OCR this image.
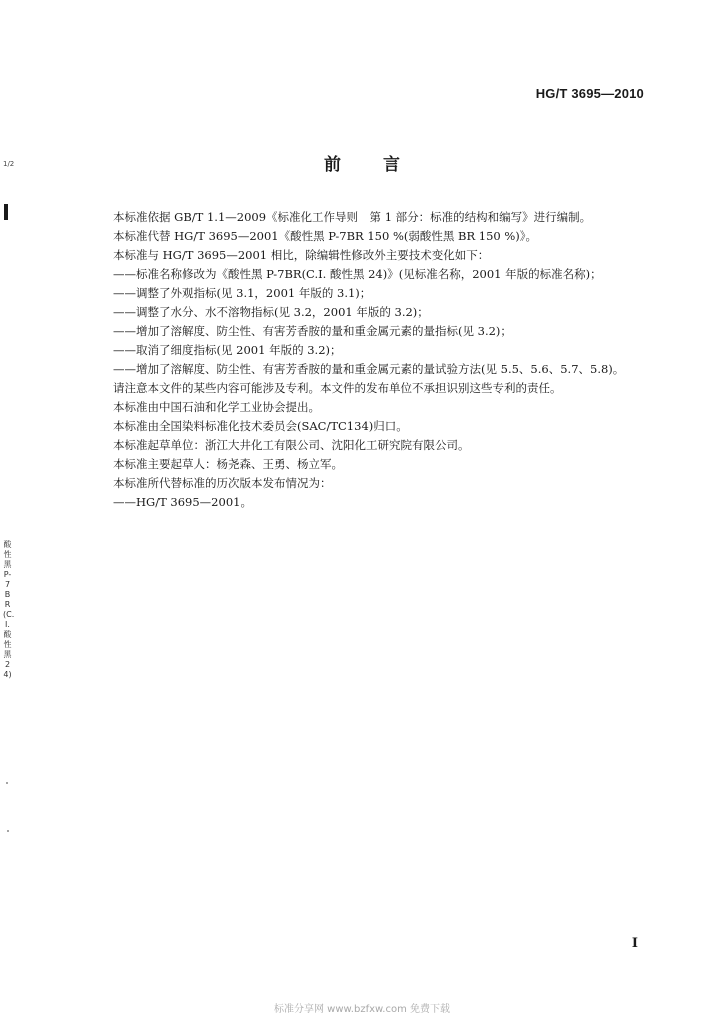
HG/T 3695—2010
前言
本标准依据 GB/T 1.1—2009《标准化工作导则　第 1 部分：标准的结构和编写》进行编制。
本标准代替 HG/T 3695—2001《酸性黑 P-7BR 150 %(弱酸性黑 BR 150 %)》。
本标准与 HG/T 3695—2001 相比，除编辑性修改外主要技术变化如下：
——标准名称修改为《酸性黑 P-7BR(C.I. 酸性黑 24)》(见标准名称，2001 年版的标准名称)；
——调整了外观指标(见 3.1，2001 年版的 3.1)；
——调整了水分、水不溶物指标(见 3.2，2001 年版的 3.2)；
——增加了溶解度、防尘性、有害芳香胺的量和重金属元素的量指标(见 3.2)；
——取消了细度指标(见 2001 年版的 3.2)；
——增加了溶解度、防尘性、有害芳香胺的量和重金属元素的量试验方法(见 5.5、5.6、5.7、5.8)。
请注意本文件的某些内容可能涉及专利。本文件的发布单位不承担识别这些专利的责任。
本标准由中国石油和化学工业协会提出。
本标准由全国染料标准化技术委员会(SAC/TC134)归口。
本标准起草单位：浙江大井化工有限公司、沈阳化工研究院有限公司。
本标准主要起草人：杨尧森、王勇、杨立军。
本标准所代替标准的历次版本发布情况为：
——HG/T 3695—2001。
1/2
酸性黑P-7BR(C.I.酸性黑24)
I
标准分享网 www.bzfxw.com 免费下载
